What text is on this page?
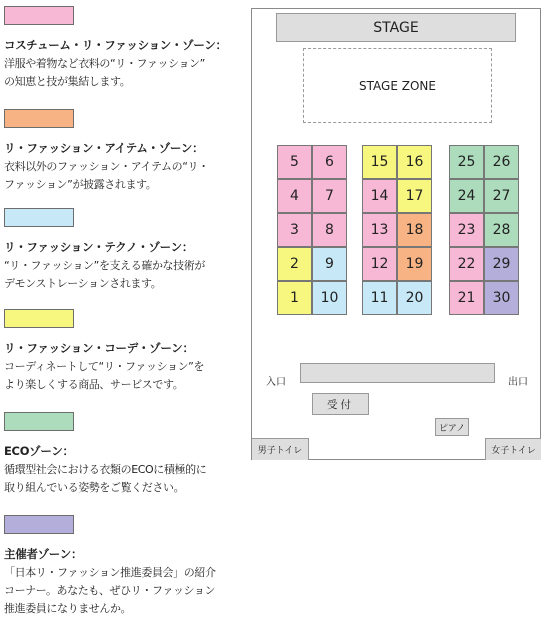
コスチューム・リ・ファッション・ゾーン：
洋服や着物など衣料の“リ・ファッション”
の知恵と技が集結します。
リ・ファッション・アイテム・ゾーン：
衣料以外のファッション・アイテムの“リ・
ファッション”が披露されます。
リ・ファッション・テクノ・ゾーン：
“リ・ファッション”を支える確かな技術が
デモンストレーションされます。
リ・ファッション・コーデ・ゾーン：
コーディネートして“リ・ファッション”を
より楽しくする商品、サービスです。
ECOゾーン：
循環型社会における衣類のECOに積極的に
取り組んでいる姿勢をご覧ください。
主催者ゾーン：
「日本リ・ファッション推進委員会」の紹介
コーナー。あなたも、ぜひリ・ファッション
推進委員になりませんか。
STAGE
STAGE ZONE
5	6
4	7
3	8
2	9
1	10
15	16
14	17
13	18
12	19
11	20
25	26
24	27
23	28
22	29
21	30
入口	出口
受付
ピアノ
男子トイレ	女子トイレ
